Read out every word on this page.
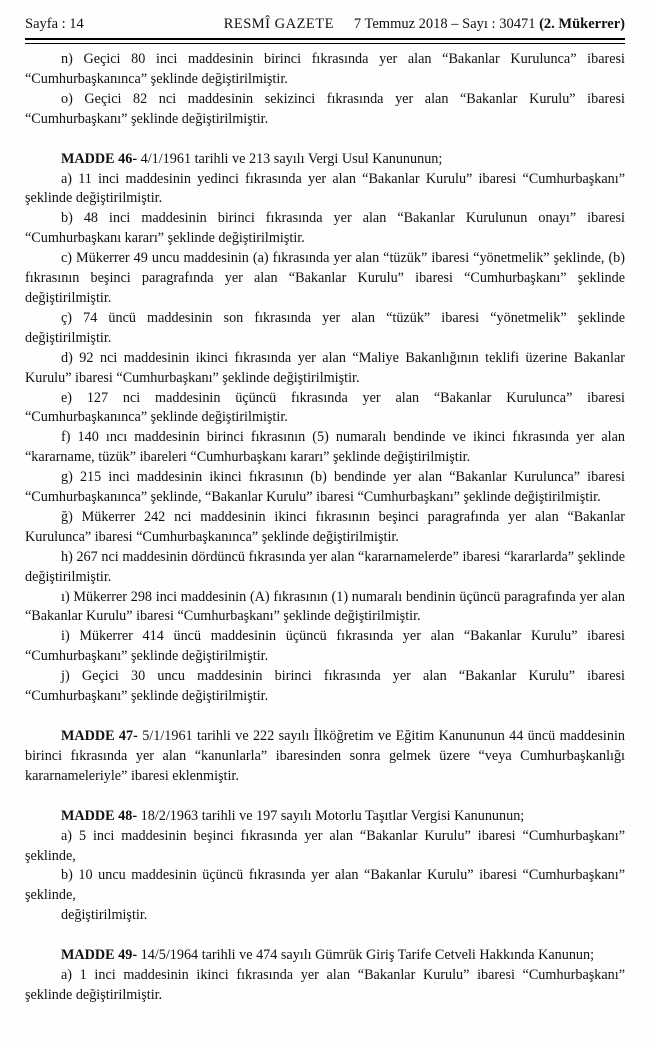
Sayfa : 14	RESMÎ GAZETE 7 Temmuz 2018 – Sayı : 30471 (2. Mükerrer)

n) Geçici 80 inci maddesinin birinci fıkrasında yer alan “Bakanlar Kurulunca” ibaresi “Cumhurbaşkanınca” şeklinde değiştirilmiştir.

o) Geçici 82 nci maddesinin sekizinci fıkrasında yer alan “Bakanlar Kurulu” ibaresi “Cumhurbaşkanı” şeklinde değiştirilmiştir.

MADDE 46- 4/1/1961 tarihli ve 213 sayılı Vergi Usul Kanununun;

a) 11 inci maddesinin yedinci fıkrasında yer alan “Bakanlar Kurulu” ibaresi “Cumhurbaşkanı” şeklinde değiştirilmiştir.

b) 48 inci maddesinin birinci fıkrasında yer alan “Bakanlar Kurulunun onayı” ibaresi “Cumhurbaşkanı kararı” şeklinde değiştirilmiştir.

c) Mükerrer 49 uncu maddesinin (a) fıkrasında yer alan “tüzük” ibaresi “yönetmelik” şeklinde, (b) fıkrasının beşinci paragrafında yer alan “Bakanlar Kurulu” ibaresi “Cumhurbaşkanı” şeklinde değiştirilmiştir.

ç) 74 üncü maddesinin son fıkrasında yer alan “tüzük” ibaresi “yönetmelik” şeklinde değiştirilmiştir.

d) 92 nci maddesinin ikinci fıkrasında yer alan “Maliye Bakanlığının teklifi üzerine Bakanlar Kurulu” ibaresi “Cumhurbaşkanı” şeklinde değiştirilmiştir.

e) 127 nci maddesinin üçüncü fıkrasında yer alan “Bakanlar Kurulunca” ibaresi “Cumhurbaşkanınca” şeklinde değiştirilmiştir.

f) 140 ıncı maddesinin birinci fıkrasının (5) numaralı bendinde ve ikinci fıkrasında yer alan “kararname, tüzük” ibareleri “Cumhurbaşkanı kararı” şeklinde değiştirilmiştir.

g) 215 inci maddesinin ikinci fıkrasının (b) bendinde yer alan “Bakanlar Kurulunca” ibaresi “Cumhurbaşkanınca” şeklinde, “Bakanlar Kurulu” ibaresi “Cumhurbaşkanı” şeklinde değiştirilmiştir.

ğ) Mükerrer 242 nci maddesinin ikinci fıkrasının beşinci paragrafında yer alan “Bakanlar Kurulunca” ibaresi “Cumhurbaşkanınca” şeklinde değiştirilmiştir.

h) 267 nci maddesinin dördüncü fıkrasında yer alan “kararnamelerde” ibaresi “kararlarda” şeklinde değiştirilmiştir.

ı) Mükerrer 298 inci maddesinin (A) fıkrasının (1) numaralı bendinin üçüncü paragrafında yer alan “Bakanlar Kurulu” ibaresi “Cumhurbaşkanı” şeklinde değiştirilmiştir.

i) Mükerrer 414 üncü maddesinin üçüncü fıkrasında yer alan “Bakanlar Kurulu” ibaresi “Cumhurbaşkanı” şeklinde değiştirilmiştir.

j) Geçici 30 uncu maddesinin birinci fıkrasında yer alan “Bakanlar Kurulu” ibaresi “Cumhurbaşkanı” şeklinde değiştirilmiştir.

MADDE 47- 5/1/1961 tarihli ve 222 sayılı İlköğretim ve Eğitim Kanununun 44 üncü maddesinin birinci fıkrasında yer alan “kanunlarla” ibaresinden sonra gelmek üzere “veya Cumhurbaşkanlığı kararnameleriyle” ibaresi eklenmiştir.

MADDE 48- 18/2/1963 tarihli ve 197 sayılı Motorlu Taşıtlar Vergisi Kanununun;

a) 5 inci maddesinin beşinci fıkrasında yer alan “Bakanlar Kurulu” ibaresi “Cumhurbaşkanı” şeklinde,

b) 10 uncu maddesinin üçüncü fıkrasında yer alan “Bakanlar Kurulu” ibaresi “Cumhurbaşkanı” şeklinde,

değiştirilmiştir.

MADDE 49- 14/5/1964 tarihli ve 474 sayılı Gümrük Giriş Tarife Cetveli Hakkında Kanunun;

a) 1 inci maddesinin ikinci fıkrasında yer alan “Bakanlar Kurulu” ibaresi “Cumhurbaşkanı” şeklinde değiştirilmiştir.
